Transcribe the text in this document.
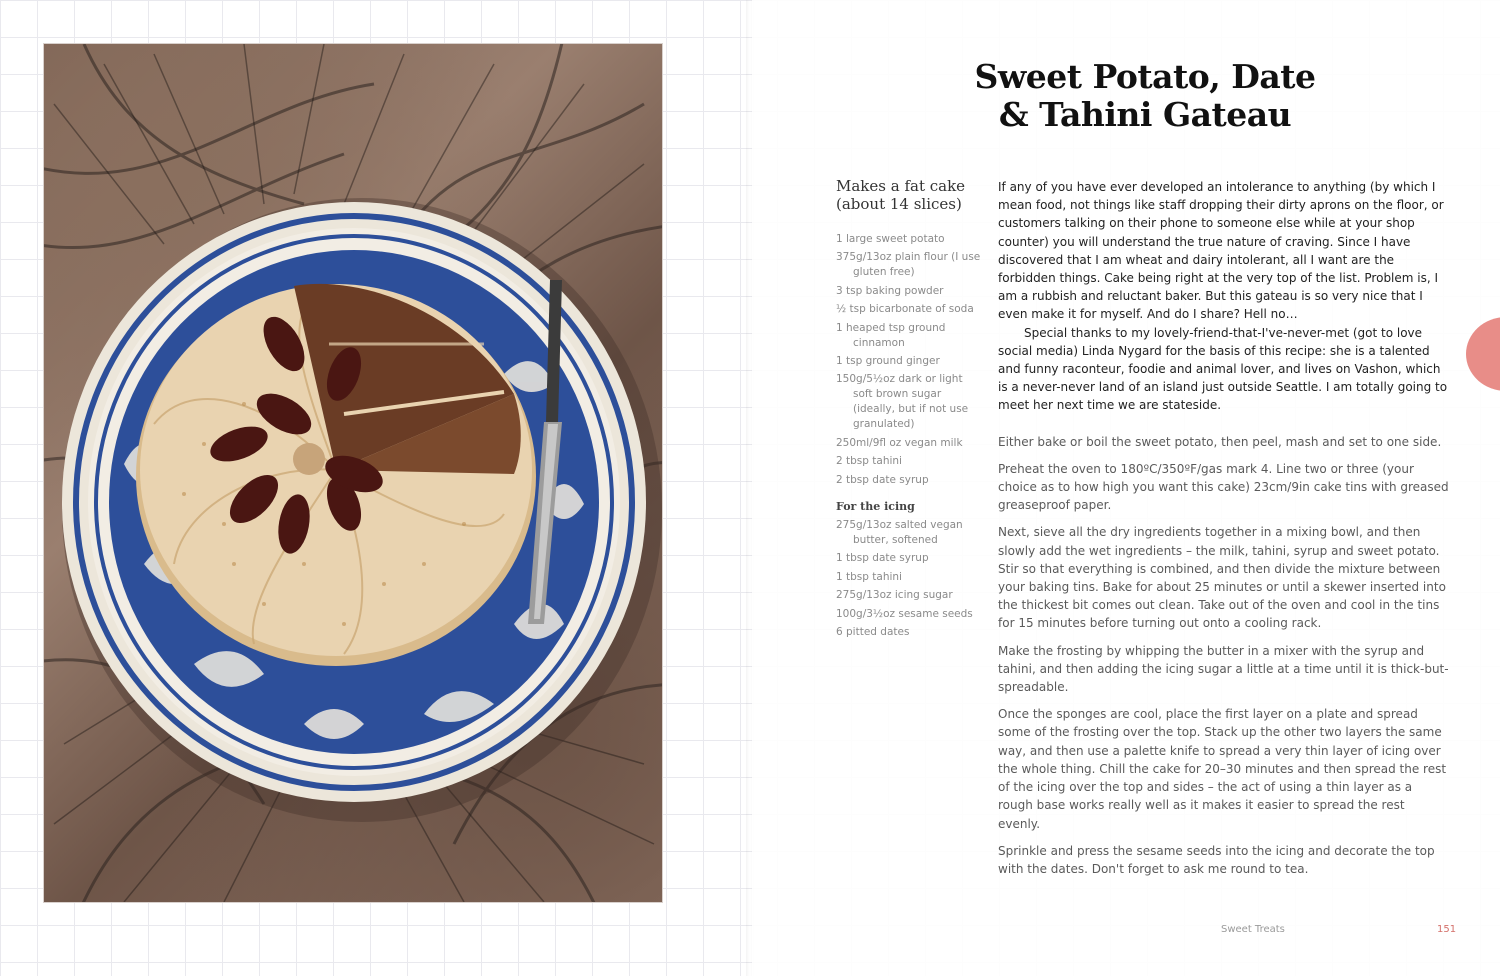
Sweet Potato, Date
& Tahini Gateau

Makes a fat cake
(about 14 slices)

1 large sweet potato
375g/13oz plain flour (I use gluten free)
3 tsp baking powder
½ tsp bicarbonate of soda
1 heaped tsp ground cinnamon
1 tsp ground ginger
150g/5½oz dark or light soft brown sugar (ideally, but if not use granulated)
250ml/9fl oz vegan milk
2 tbsp tahini
2 tbsp date syrup

For the icing

275g/13oz salted vegan butter, softened
1 tbsp date syrup
1 tbsp tahini
275g/13oz icing sugar
100g/3½oz sesame seeds
6 pitted dates

If any of you have ever developed an intolerance to anything (by which I mean food, not things like staff dropping their dirty aprons on the floor, or customers talking on their phone to someone else while at your shop counter) you will understand the true nature of craving. Since I have discovered that I am wheat and dairy intolerant, all I want are the forbidden things. Cake being right at the very top of the list. Problem is, I am a rubbish and reluctant baker. But this gateau is so very nice that I even make it for myself. And do I share? Hell no…

Special thanks to my lovely-friend-that-I've-never-met (got to love social media) Linda Nygard for the basis of this recipe: she is a talented and funny raconteur, foodie and animal lover, and lives on Vashon, which is a never-never land of an island just outside Seattle. I am totally going to meet her next time we are stateside.

Either bake or boil the sweet potato, then peel, mash and set to one side.

Preheat the oven to 180ºC/350ºF/gas mark 4. Line two or three (your choice as to how high you want this cake) 23cm/9in cake tins with greased greaseproof paper.

Next, sieve all the dry ingredients together in a mixing bowl, and then slowly add the wet ingredients – the milk, tahini, syrup and sweet potato. Stir so that everything is combined, and then divide the mixture between your baking tins. Bake for about 25 minutes or until a skewer inserted into the thickest bit comes out clean. Take out of the oven and cool in the tins for 15 minutes before turning out onto a cooling rack.

Make the frosting by whipping the butter in a mixer with the syrup and tahini, and then adding the icing sugar a little at a time until it is thick-but-spreadable.

Once the sponges are cool, place the first layer on a plate and spread some of the frosting over the top. Stack up the other two layers the same way, and then use a palette knife to spread a very thin layer of icing over the whole thing. Chill the cake for 20–30 minutes and then spread the rest of the icing over the top and sides – the act of using a thin layer as a rough base works really well as it makes it easier to spread the rest evenly.

Sprinkle and press the sesame seeds into the icing and decorate the top with the dates. Don't forget to ask me round to tea.

Sweet Treats	151
